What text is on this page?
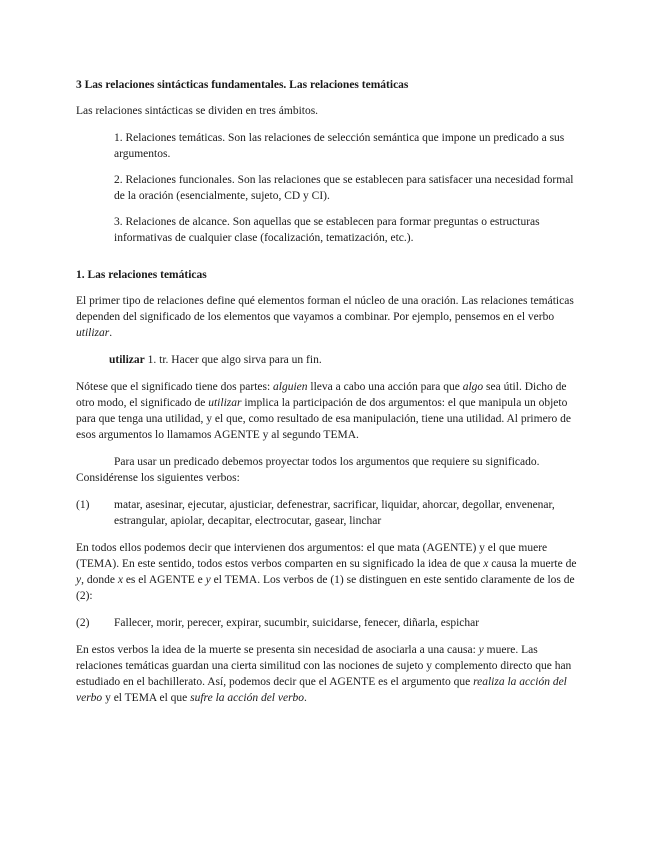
3 Las relaciones sintácticas fundamentales. Las relaciones temáticas

Las relaciones sintácticas se dividen en tres ámbitos.

1. Relaciones temáticas. Son las relaciones de selección semántica que impone un predicado a sus argumentos.
2. Relaciones funcionales. Son las relaciones que se establecen para satisfacer una necesidad formal de la oración (esencialmente, sujeto, CD y CI).
3. Relaciones de alcance. Son aquellas que se establecen para formar preguntas o estructuras informativas de cualquier clase (focalización, tematización, etc.).

1. Las relaciones temáticas

El primer tipo de relaciones define qué elementos forman el núcleo de una oración. Las relaciones temáticas dependen del significado de los elementos que vayamos a combinar. Por ejemplo, pensemos en el verbo utilizar.

utilizar 1. tr. Hacer que algo sirva para un fin.

Nótese que el significado tiene dos partes: alguien lleva a cabo una acción para que algo sea útil. Dicho de otro modo, el significado de utilizar implica la participación de dos argumentos: el que manipula un objeto para que tenga una utilidad, y el que, como resultado de esa manipulación, tiene una utilidad. Al primero de esos argumentos lo llamamos AGENTE y al segundo TEMA.

Para usar un predicado debemos proyectar todos los argumentos que requiere su significado. Considérense los siguientes verbos:

(1)	matar, asesinar, ejecutar, ajusticiar, defenestrar, sacrificar, liquidar, ahorcar, degollar, envenenar, estrangular, apiolar, decapitar, electrocutar, gasear, linchar

En todos ellos podemos decir que intervienen dos argumentos: el que mata (AGENTE) y el que muere (TEMA). En este sentido, todos estos verbos comparten en su significado la idea de que x causa la muerte de y, donde x es el AGENTE e y el TEMA. Los verbos de (1) se distinguen en este sentido claramente de los de (2):

(2)	Fallecer, morir, perecer, expirar, sucumbir, suicidarse, fenecer, diñarla, espichar

En estos verbos la idea de la muerte se presenta sin necesidad de asociarla a una causa: y muere. Las relaciones temáticas guardan una cierta similitud con las nociones de sujeto y complemento directo que han estudiado en el bachillerato. Así, podemos decir que el AGENTE es el argumento que realiza la acción del verbo y el TEMA el que sufre la acción del verbo.
